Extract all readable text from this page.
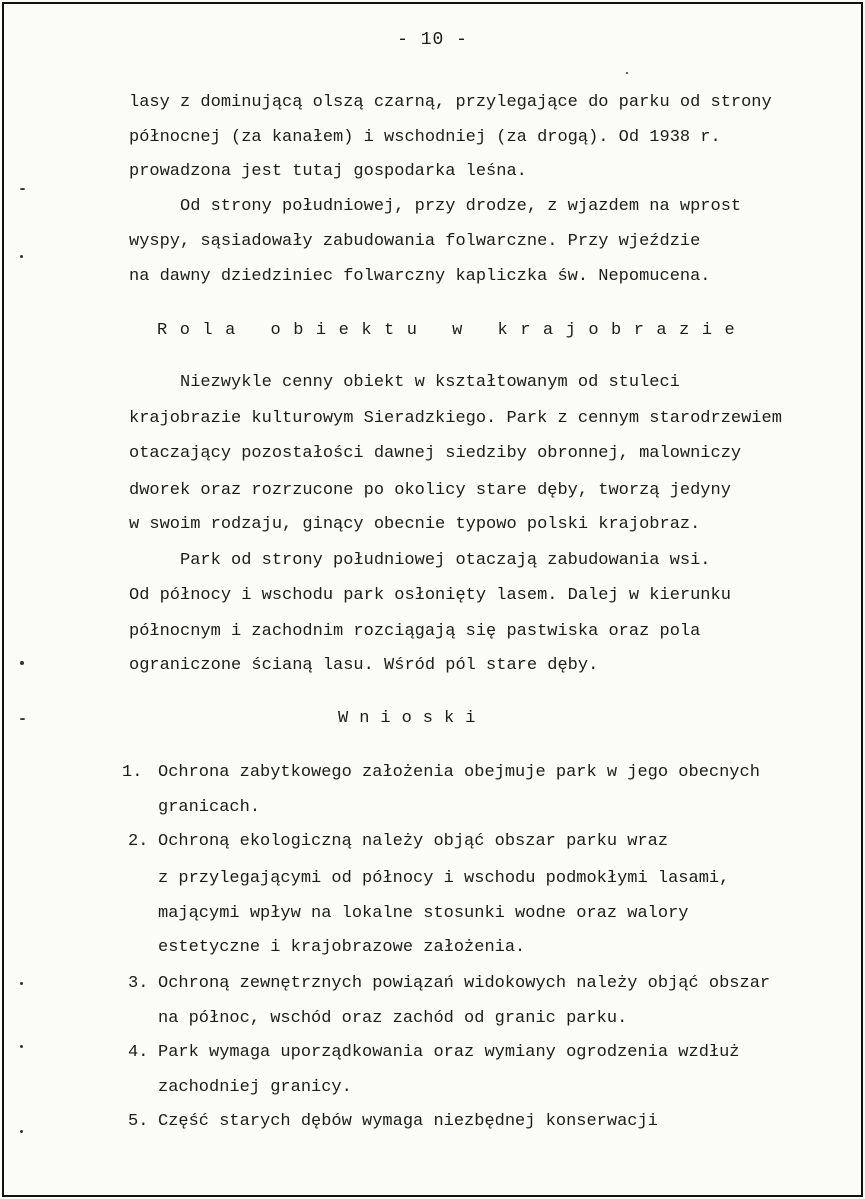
- 10 -
lasy z dominującą olszą czarną, przylegające do parku od strony
północnej (za kanałem) i wschodniej (za drogą). Od 1938 r.
prowadzona jest tutaj gospodarka leśna.
Od strony południowej, przy drodze, z wjazdem na wprost
wyspy, sąsiadowały zabudowania folwarczne. Przy wjeździe
na dawny dziedziniec folwarczny kapliczka św. Nepomucena.
Rola obiektu w krajobrazie
Niezwykle cenny obiekt w kształtowanym od stuleci
krajobrazie kulturowym Sieradzkiego. Park z cennym starodrzewiem
otaczający pozostałości dawnej siedziby obronnej, malowniczy
dworek oraz rozrzucone po okolicy stare dęby, tworzą jedyny
w swoim rodzaju, ginący obecnie typowo polski krajobraz.
Park od strony południowej otaczają zabudowania wsi.
Od północy i wschodu park osłonięty lasem. Dalej w kierunku
północnym i zachodnim rozciągają się pastwiska oraz pola
ograniczone ścianą lasu. Wśród pól stare dęby.
Wnioski
1. Ochrona zabytkowego założenia obejmuje park w jego obecnych
granicach.
2. Ochroną ekologiczną należy objąć obszar parku wraz
z przylegającymi od północy i wschodu podmokłymi lasami,
mającymi wpływ na lokalne stosunki wodne oraz walory
estetyczne i krajobrazowe założenia.
3. Ochroną zewnętrznych powiązań widokowych należy objąć obszar
na północ, wschód oraz zachód od granic parku.
4. Park wymaga uporządkowania oraz wymiany ogrodzenia wzdłuż
zachodniej granicy.
5. Część starych dębów wymaga niezbędnej konserwacji
